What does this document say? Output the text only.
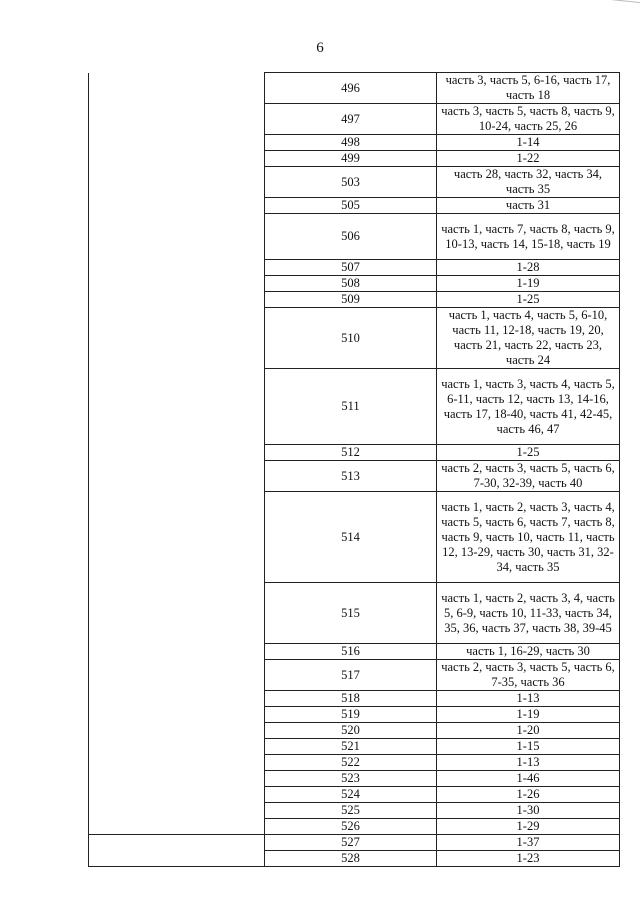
6
	496	часть 3, часть 5, 6-16, часть 17, часть 18
	497	часть 3, часть 5, часть 8, часть 9, 10-24, часть 25, 26
	498	1-14
	499	1-22
	503	часть 28, часть 32, часть 34, часть 35
	505	часть 31
	506	часть 1, часть 7, часть 8, часть 9, 10-13, часть 14, 15-18, часть 19
	507	1-28
	508	1-19
	509	1-25
	510	часть 1, часть 4, часть 5, 6-10, часть 11, 12-18, часть 19, 20, часть 21, часть 22, часть 23, часть 24
	511	часть 1, часть 3, часть 4, часть 5, 6-11, часть 12, часть 13, 14-16, часть 17, 18-40, часть 41, 42-45, часть 46, 47
	512	1-25
	513	часть 2, часть 3, часть 5, часть 6, 7-30, 32-39, часть 40
	514	часть 1, часть 2, часть 3, часть 4, часть 5, часть 6, часть 7, часть 8, часть 9, часть 10, часть 11, часть 12, 13-29, часть 30, часть 31, 32-34, часть 35
	515	часть 1, часть 2, часть 3, 4, часть 5, 6-9, часть 10, 11-33, часть 34, 35, 36, часть 37, часть 38, 39-45
	516	часть 1, 16-29, часть 30
	517	часть 2, часть 3, часть 5, часть 6, 7-35, часть 36
	518	1-13
	519	1-19
	520	1-20
	521	1-15
	522	1-13
	523	1-46
	524	1-26
	525	1-30
	526	1-29
	527	1-37
	528	1-23
